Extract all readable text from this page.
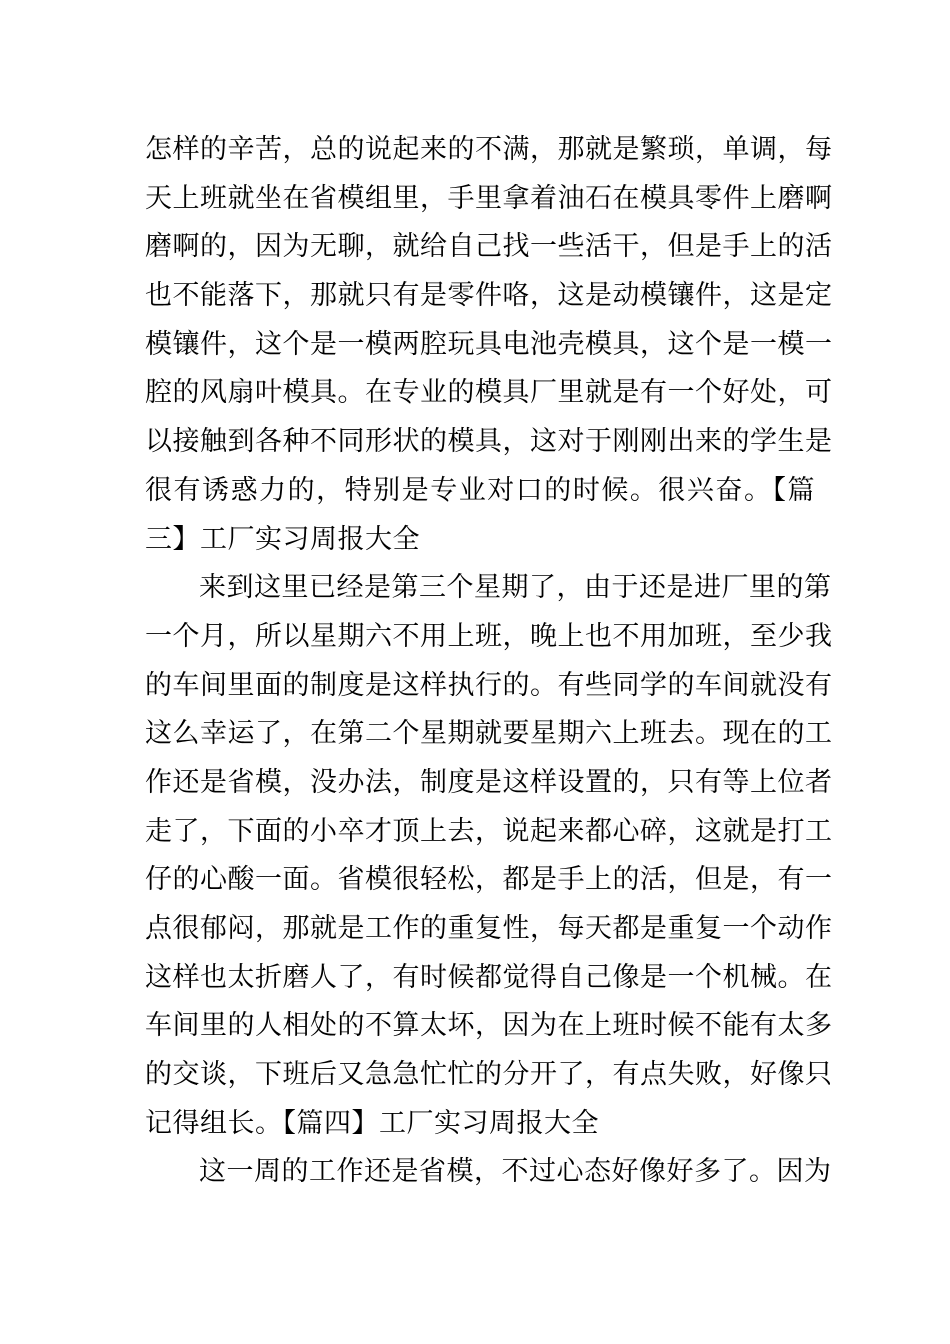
怎样的辛苦，总的说起来的不满，那就是繁琐，单调，每
天上班就坐在省模组里，手里拿着油石在模具零件上磨啊
磨啊的，因为无聊，就给自己找一些活干，但是手上的活
也不能落下，那就只有是零件咯，这是动模镶件，这是定
模镶件，这个是一模两腔玩具电池壳模具，这个是一模一
腔的风扇叶模具。在专业的模具厂里就是有一个好处，可
以接触到各种不同形状的模具，这对于刚刚出来的学生是
很有诱惑力的，特别是专业对口的时候。很兴奋。【篇
三】工厂实习周报大全
来到这里已经是第三个星期了，由于还是进厂里的第
一个月，所以星期六不用上班，晚上也不用加班，至少我
的车间里面的制度是这样执行的。有些同学的车间就没有
这么幸运了，在第二个星期就要星期六上班去。现在的工
作还是省模，没办法，制度是这样设置的，只有等上位者
走了，下面的小卒才顶上去，说起来都心碎，这就是打工
仔的心酸一面。省模很轻松，都是手上的活，但是，有一
点很郁闷，那就是工作的重复性，每天都是重复一个动作
这样也太折磨人了，有时候都觉得自己像是一个机械。在
车间里的人相处的不算太坏，因为在上班时候不能有太多
的交谈，下班后又急急忙忙的分开了，有点失败，好像只
记得组长。【篇四】工厂实习周报大全
这一周的工作还是省模，不过心态好像好多了。因为
